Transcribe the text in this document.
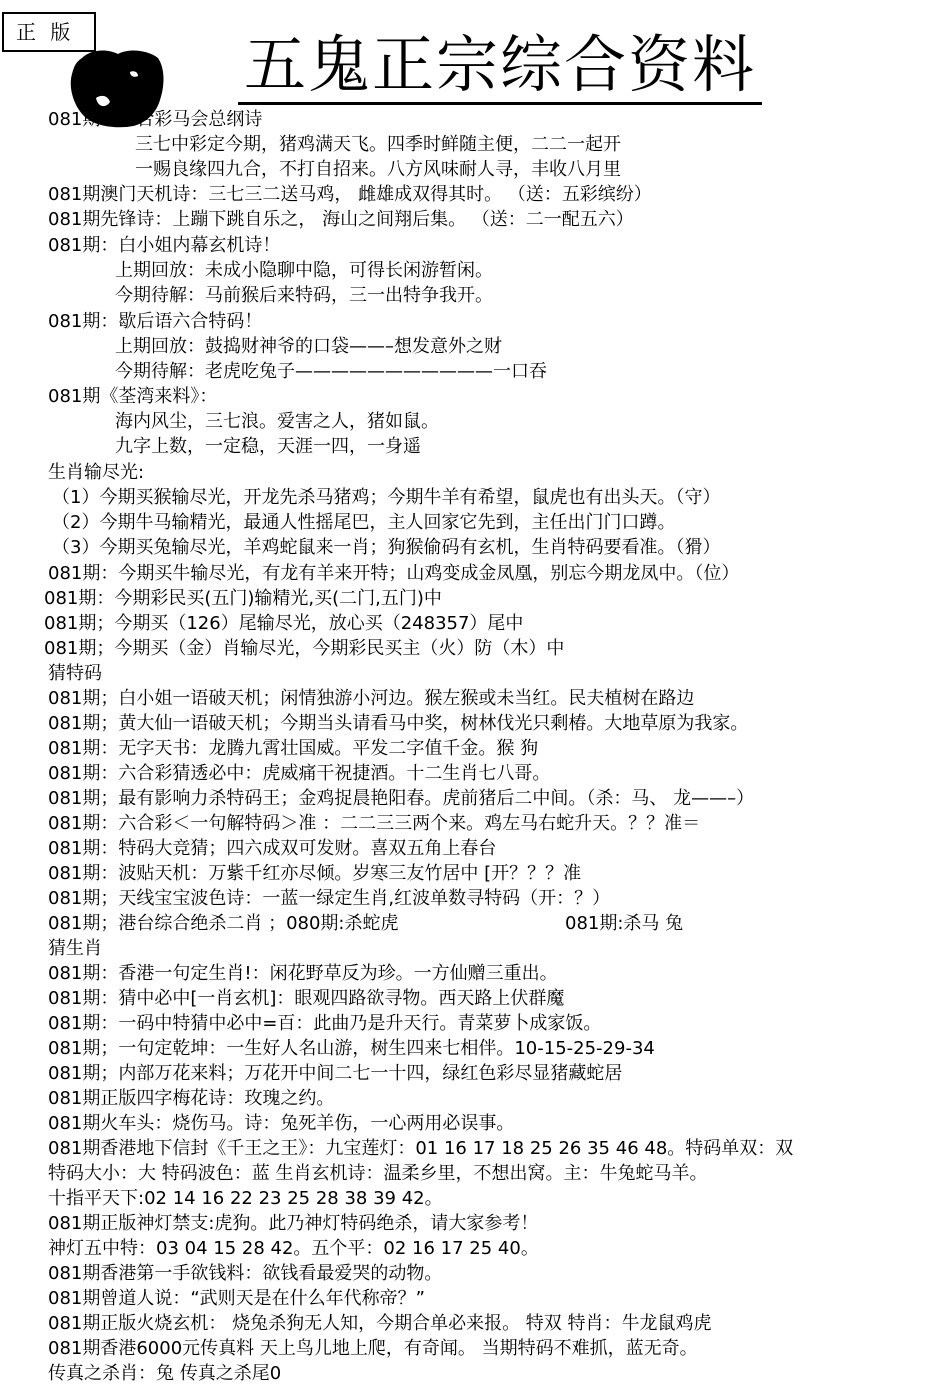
正 版	五鬼正宗综合资料
081期：六合彩马会总纲诗
三七中彩定今期，猪鸡满天飞。四季时鲜随主便，二二一起开
一赐良缘四九合，不打自招来。八方风味耐人寻，丰收八月里
081期澳门天机诗：三七三二送马鸡， 雌雄成双得其时。 （送：五彩缤纷）
081期先锋诗：上蹦下跳自乐之， 海山之间翔后集。 （送：二一配五六）
081期：白小姐内幕玄机诗！
上期回放：未成小隐聊中隐，可得长闲游暂闲。
今期待解：马前猴后来特码，三一出特争我开。
081期：歇后语六合特码！
上期回放：鼓捣财神爷的口袋——–想发意外之财
今期待解：老虎吃兔子———————————一口吞
081期《荃湾来料》：
海内风尘，三七浪。爱害之人，猪如鼠。
九字上数，一定稳，天涯一四，一身遥
生肖输尽光:
（1）今期买猴输尽光，开龙先杀马猪鸡；今期牛羊有希望，鼠虎也有出头天。（守）
（2）今期牛马输精光，最通人性摇尾巴，主人回家它先到，主任出门门口蹲。
（3）今期买兔输尽光，羊鸡蛇鼠来一肖；狗猴偷码有玄机，生肖特码要看准。（猾）
081期：今期买牛输尽光，有龙有羊来开特；山鸡变成金凤凰，别忘今期龙凤中。（位）
081期：今期彩民买(五门)输精光,买(二门,五门)中
081期；今期买（126）尾输尽光，放心买（248357）尾中
081期；今期买（金）肖输尽光，今期彩民买主（火）防（木）中
猜特码
081期；白小姐一语破天机；闲情独游小河边。猴左猴或未当红。民夫植树在路边
081期；黄大仙一语破天机；今期当头请看马中奖，树林伐光只剩椿。大地草原为我家。
081期：无字天书：龙腾九霄壮国威。平发二字值千金。猴 狗
081期：六合彩猜透必中：虎威痛干祝捷酒。十二生肖七八哥。
081期；最有影响力杀特码王；金鸡捉晨艳阳春。虎前猪后二中间。（杀：马、 龙——–）
081期：六合彩＜一句解特码＞准 ：二二三三两个来。鸡左马右蛇升天。？？准＝
081期：特码大竞猜；四六成双可发财。喜双五角上春台
081期：波贴天机：万紫千红亦尽倾。岁寒三友竹居中 [开？？？准
081期；天线宝宝波色诗：一蓝一绿定生肖,红波单数寻特码（开：？）
081期；港台综合绝杀二肖 ；080期:杀蛇虎	081期:杀马 兔
猜生肖
081期：香港一句定生肖!：闲花野草反为珍。一方仙赠三重出。
081期：猜中必中[一肖玄机]：眼观四路欲寻物。西天路上伏群魔
081期：一码中特猜中必中=百：此曲乃是升天行。青菜萝卜成家饭。
081期；一句定乾坤：一生好人名山游，树生四来七相伴。10-15-25-29-34
081期；内部万花来料；万花开中间二七一十四，绿红色彩尽显猪藏蛇居
081期正版四字梅花诗：玫瑰之约。
081期火车头：烧伤马。诗：兔死羊伤，一心两用必误事。
081期香港地下信封《千王之王》：九宝莲灯：01 16 17 18 25 26 35 46 48。特码单双：双
特码大小：大 特码波色：蓝 生肖玄机诗：温柔乡里，不想出窝。主：牛兔蛇马羊。
十指平天下:02 14 16 22 23 25 28 38 39 42。
081期正版神灯禁支:虎狗。此乃神灯特码绝杀，请大家参考！
神灯五中特：03 04 15 28 42。五个平：02 16 17 25 40。
081期香港第一手欲钱料：欲钱看最爱哭的动物。
081期曾道人说：“武则天是在什么年代称帝？”
081期正版火烧玄机： 烧兔杀狗无人知，今期合单必来报。 特双 特肖：牛龙鼠鸡虎
081期香港6000元传真料 天上鸟儿地上爬，有奇闻。 当期特码不难抓，蓝无奇。
传真之杀肖：兔 传真之杀尾0
